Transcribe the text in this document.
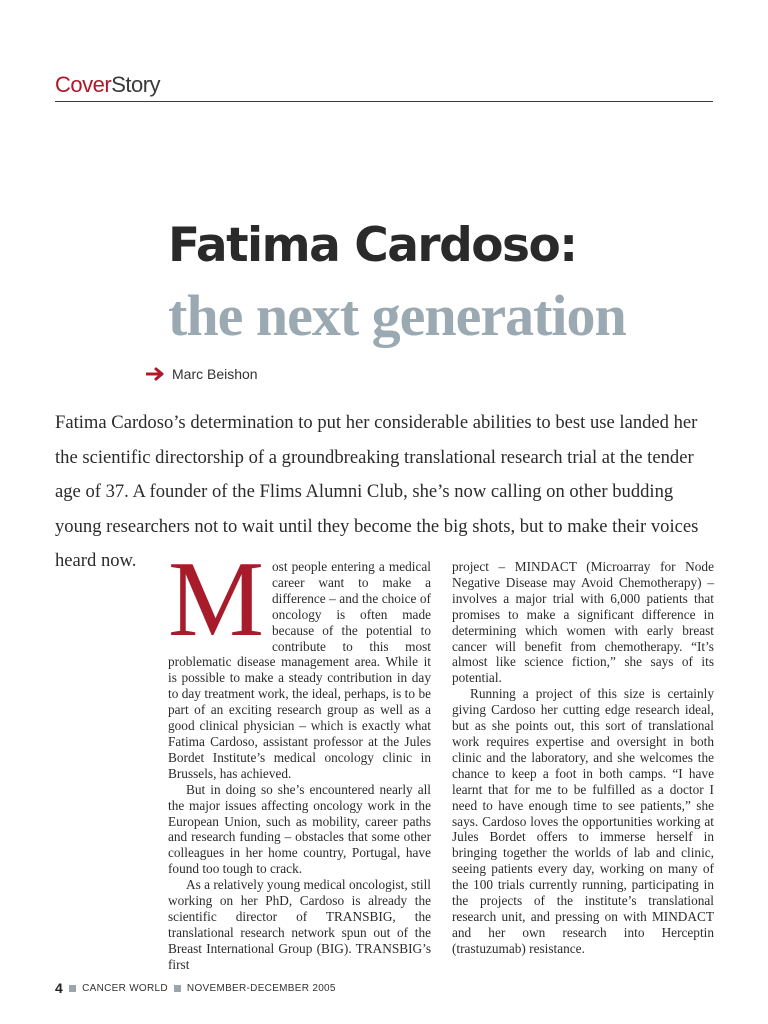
CoverStory
Fatima Cardoso:
the next generation
Marc Beishon

Fatima Cardoso’s determination to put her considerable abilities to best use landed her the scientific directorship of a groundbreaking translational research trial at the tender age of 37. A founder of the Flims Alumni Club, she’s now calling on other budding young researchers not to wait until they become the big shots, but to make their voices heard now. Most people entering a medical career want to make a difference – and the choice of oncology is often made because of the potential to contribute to this most problematic disease management area. While it is possible to make a steady contribution in day to day treatment work, the ideal, perhaps, is to be part of an exciting research group as well as a good clinical physician – which is exactly what Fatima Cardoso, assistant professor at the Jules Bordet Institute’s medical oncology clinic in Brussels, has achieved.

But in doing so she’s encountered nearly all the major issues affecting oncology work in the European Union, such as mobility, career paths and research funding – obstacles that some other colleagues in her home country, Portugal, have found too tough to crack.

As a relatively young medical oncologist, still working on her PhD, Cardoso is already the scientific director of TRANSBIG, the translational research network spun out of the Breast International Group (BIG). TRANSBIG’s first

project – MINDACT (Microarray for Node Negative Disease may Avoid Chemotherapy) – involves a major trial with 6,000 patients that promises to make a significant difference in determining which women with early breast cancer will benefit from chemotherapy. “It’s almost like science fiction,” she says of its potential.

Running a project of this size is certainly giving Cardoso her cutting edge research ideal, but as she points out, this sort of translational work requires expertise and oversight in both clinic and the laboratory, and she welcomes the chance to keep a foot in both camps. “I have learnt that for me to be fulfilled as a doctor I need to have enough time to see patients,” she says. Cardoso loves the opportunities working at Jules Bordet offers to immerse herself in bringing together the worlds of lab and clinic, seeing patients every day, working on many of the 100 trials currently running, participating in the projects of the institute’s translational research unit, and pressing on with MINDACT and her own research into Herceptin (trastuzumab) resistance.

4 CANCER WORLD NOVEMBER-DECEMBER 2005
